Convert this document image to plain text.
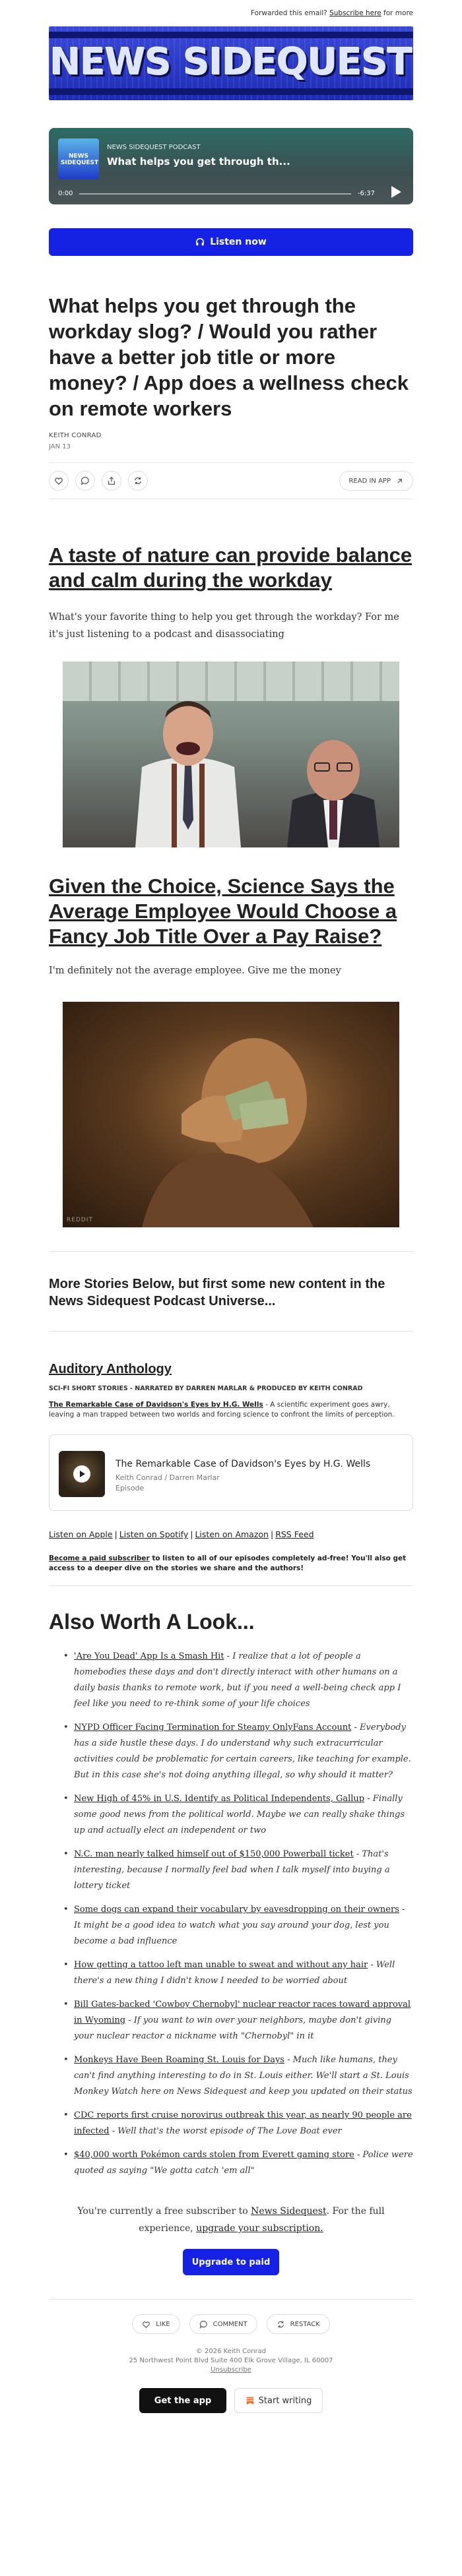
Forwarded this email? Subscribe here for more
NEWS SIDEQUEST
NEWS SIDEQUEST
NEWS SIDEQUEST PODCAST
What helps you get through th...
0:00	-6:37
Listen now
What helps you get through the workday slog? / Would you rather have a better job title or more money? / App does a wellness check on remote workers
KEITH CONRAD
JAN 13
READ IN APP
A taste of nature can provide balance and calm during the workday

What's your favorite thing to help you get through the workday? For me it's just listening to a podcast and disassociating

Given the Choice, Science Says the Average Employee Would Choose a Fancy Job Title Over a Pay Raise?

I'm definitely not the average employee. Give me the money

REDDIT
More Stories Below, but first some new content in the News Sidequest Podcast Universe...
Auditory Anthology
SCI-FI SHORT STORIES - NARRATED BY DARREN MARLAR & PRODUCED BY KEITH CONRAD
The Remarkable Case of Davidson's Eyes by H.G. Wells - A scientific experiment goes awry, leaving a man trapped between two worlds and forcing science to confront the limits of perception.
The Remarkable Case of Davidson's Eyes by H.G. Wells
Keith Conrad / Darren Marlar
Episode
Listen on Apple | Listen on Spotify | Listen on Amazon | RSS Feed
Become a paid subscriber to listen to all of our episodes completely ad-free! You'll also get access to a deeper dive on the stories we share and the authors!
Also Worth A Look...
• 'Are You Dead' App Is a Smash Hit - I realize that a lot of people a homebodies these days and don't directly interact with other humans on a daily basis thanks to remote work, but if you need a well-being check app I feel like you need to re-think some of your life choices
• NYPD Officer Facing Termination for Steamy OnlyFans Account - Everybody has a side hustle these days. I do understand why such extracurricular activities could be problematic for certain careers, like teaching for example. But in this case she's not doing anything illegal, so why should it matter?
• New High of 45% in U.S. Identify as Political Independents, Gallup - Finally some good news from the political world. Maybe we can really shake things up and actually elect an independent or two
• N.C. man nearly talked himself out of $150,000 Powerball ticket - That's interesting, because I normally feel bad when I talk myself into buying a lottery ticket
• Some dogs can expand their vocabulary by eavesdropping on their owners - It might be a good idea to watch what you say around your dog, lest you become a bad influence
• How getting a tattoo left man unable to sweat and without any hair - Well there's a new thing I didn't know I needed to be worried about
• Bill Gates-backed 'Cowboy Chernobyl' nuclear reactor races toward approval in Wyoming - If you want to win over your neighbors, maybe don't giving your nuclear reactor a nickname with "Chernobyl" in it
• Monkeys Have Been Roaming St. Louis for Days - Much like humans, they can't find anything interesting to do in St. Louis either. We'll start a St. Louis Monkey Watch here on News Sidequest and keep you updated on their status
• CDC reports first cruise norovirus outbreak this year, as nearly 90 people are infected - Well that's the worst episode of The Love Boat ever
• $40,000 worth Pokémon cards stolen from Everett gaming store - Police were quoted as saying "We gotta catch 'em all"
You're currently a free subscriber to News Sidequest. For the full experience, upgrade your subscription.
Upgrade to paid
LIKE	COMMENT	RESTACK
© 2026 Keith Conrad
25 Northwest Point Blvd Suite 400 Elk Grove Village, IL 60007
Unsubscribe
Get the app	Start writing
